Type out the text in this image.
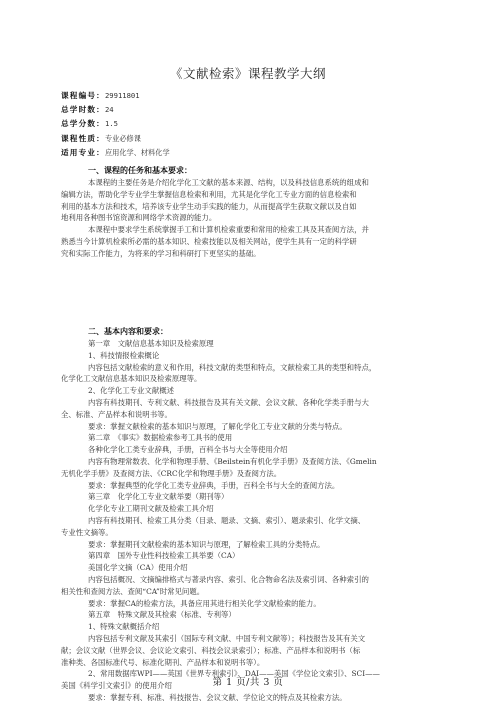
《文献检索》课程教学大纲
课程编号：29911801
总学时数：24
总学分数：1.5
课程性质：专业必修课
适用专业：应用化学、材料化学
一、课程的任务和基本要求：
本课程的主要任务是介绍化学化工文献的基本来源、结构，以及科技信息系统的组成和
编辑方法，帮助化学专业学生掌握信息检索和利用，尤其是化学化工专业方面的信息检索和
利用的基本方法和技术，培养该专业学生动手实践的能力，从而提高学生获取文献以及自如
地利用各种图书馆资源和网络学术资源的能力。
本课程中要求学生系统掌握手工和计算机检索重要和常用的检索工具及其查阅方法，并
熟悉当今计算机检索所必需的基本知识、检索技能以及相关网站，使学生具有一定的科学研
究和实际工作能力，为将来的学习和科研打下更坚实的基础。
二、基本内容和要求：
第一章　文献信息基本知识及检索原理
1、科技情报检索概论
内容包括文献检索的意义和作用，科技文献的类型和特点，文献检索工具的类型和特点，
化学化工文献信息基本知识及检索原理等。
2、化学化工专业文献概述
内容有科技期刊、专利文献、科技报告及其有关文献、会议文献、各种化学类手册与大
全、标准、产品样本和说明书等。
要求：掌握文献检索的基本知识与原理，了解化学化工专业文献的分类与特点。
第二章　《事实》数据检索参考工具书的使用
各种化学化工类专业辞典，手册，百科全书与大全等使用介绍
内容有物理常数表、化学和物理手册、《Beilstein有机化学手册》及查阅方法、《Gmelin
无机化学手册》及查阅方法、《CRC化学和物理手册》及查阅方法。
要求：掌握典型的化学化工类专业辞典，手册，百科全书与大全的查阅方法。
第三章　化学化工专业文献举要（期刊等）
化学化专业工期刊文献及检索工具介绍
内容有科技期刊、检索工具分类（目录、题录、文摘、索引）、题录索引、化学文摘、
专业性文摘等。
要求：掌握期刊文献检索的基本知识与原理，了解检索工具的分类特点。
第四章　国外专业性科技检索工具举要（CA）
美国化学文摘（CA）使用介绍
内容包括概况、文摘编排格式与著录内容、索引、化合物命名法及索引词、各种索引的
相关性和查阅方法、查阅“CA”时常见问题。
要求：掌握CA的检索方法，具备应用其进行相关化学文献检索的能力。
第五章　特殊文献及其检索（标准、专利等）
1、特殊文献概括介绍
内容包括专利文献及其索引（国际专利文献、中国专利文献等）；科技报告及其有关文
献；会议文献（世界会议、会议论文索引、科技会议录索引）；标准、产品样本和说明书（标
准种类、各国标准代号、标准化期刊、产品样本和说明书等）。
2、常用数据库WPI——英国《世界专利索引》、DAI——美国《学位论文索引》、SCI——
美国《科学引文索引》的使用介绍
要求：掌握专利、标准、科技报告、会议文献、学位论文的特点及其检索方法。
第 1 页/共 3 页
